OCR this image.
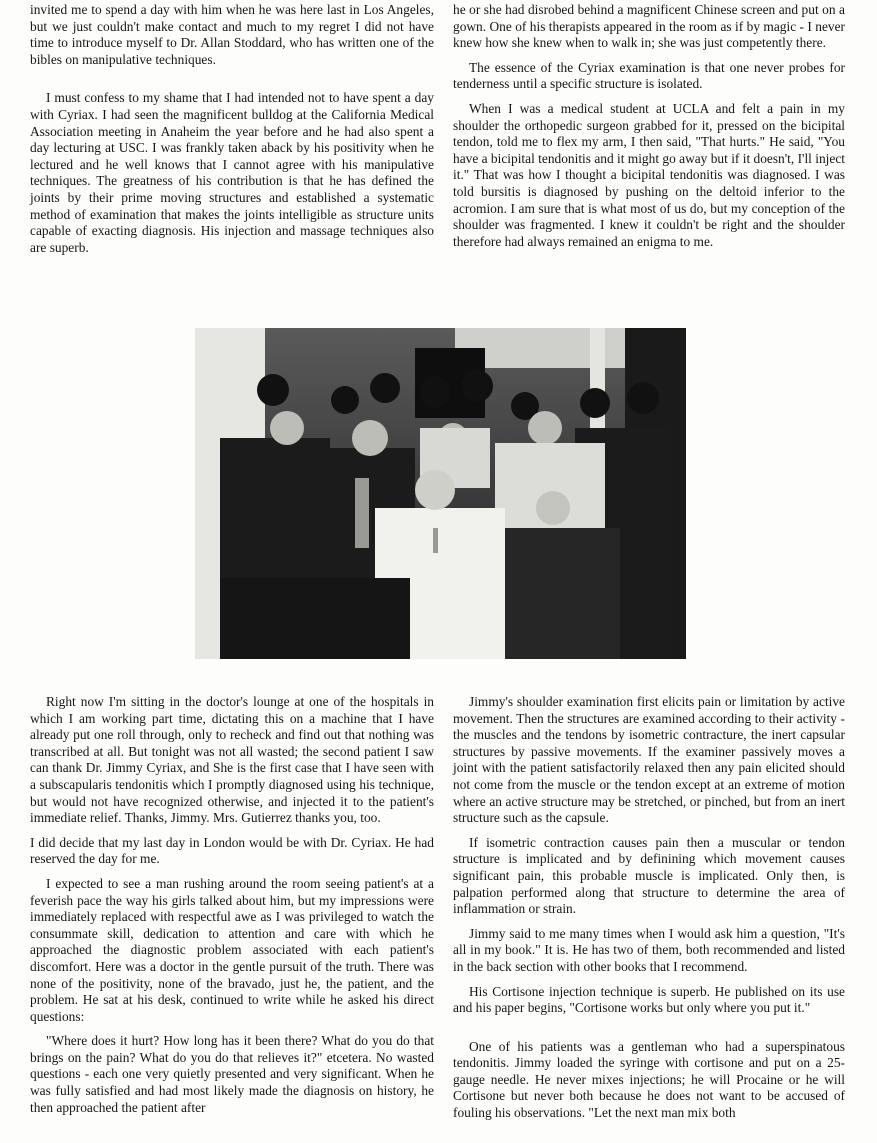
invited me to spend a day with him when he was here last in Los Angeles, but we just couldn't make contact and much to my regret I did not have time to introduce myself to Dr. Allan Stoddard, who has written one of the bibles on manipulative techniques.

I must confess to my shame that I had intended not to have spent a day with Cyriax. I had seen the magnificent bulldog at the California Medical Association meeting in Anaheim the year before and he had also spent a day lecturing at USC. I was frankly taken aback by his positivity when he lectured and he well knows that I cannot agree with his manipulative techniques. The greatness of his contribution is that he has defined the joints by their prime moving structures and established a systematic method of examination that makes the joints intelligible as structure units capable of exacting diagnosis. His injection and massage techniques also are superb.

he or she had disrobed behind a magnificent Chinese screen and put on a gown. One of his therapists appeared in the room as if by magic - I never knew how she knew when to walk in; she was just competently there.

The essence of the Cyriax examination is that one never probes for tenderness until a specific structure is isolated.

When I was a medical student at UCLA and felt a pain in my shoulder the orthopedic surgeon grabbed for it, pressed on the bicipital tendon, told me to flex my arm, I then said, "That hurts." He said, "You have a bicipital tendonitis and it might go away but if it doesn't, I'll inject it." That was how I thought a bicipital tendonitis was diagnosed. I was told bursitis is diagnosed by pushing on the deltoid inferior to the acromion. I am sure that is what most of us do, but my conception of the shoulder was fragmented. I knew it couldn't be right and the shoulder therefore had always remained an enigma to me.

Right now I'm sitting in the doctor's lounge at one of the hospitals in which I am working part time, dictating this on a machine that I have already put one roll through, only to recheck and find out that nothing was transcribed at all. But tonight was not all wasted; the second patient I saw can thank Dr. Jimmy Cyriax, and She is the first case that I have seen with a subscapularis tendonitis which I promptly diagnosed using his technique, but would not have recognized otherwise, and injected it to the patient's immediate relief. Thanks, Jimmy. Mrs. Gutierrez thanks you, too.

I did decide that my last day in London would be with Dr. Cyriax. He had reserved the day for me.

I expected to see a man rushing around the room seeing patient's at a feverish pace the way his girls talked about him, but my impressions were immediately replaced with respectful awe as I was privileged to watch the consummate skill, dedication to attention and care with which he approached the diagnostic problem associated with each patient's discomfort. Here was a doctor in the gentle pursuit of the truth. There was none of the positivity, none of the bravado, just he, the patient, and the problem. He sat at his desk, continued to write while he asked his direct questions:

"Where does it hurt? How long has it been there? What do you do that brings on the pain? What do you do that relieves it?" etcetera. No wasted questions - each one very quietly presented and very significant. When he was fully satisfied and had most likely made the diagnosis on history, he then approached the patient after

Jimmy's shoulder examination first elicits pain or limitation by active movement. Then the structures are examined according to their activity - the muscles and the tendons by isometric contracture, the inert capsular structures by passive movements. If the examiner passively moves a joint with the patient satisfactorily relaxed then any pain elicited should not come from the muscle or the tendon except at an extreme of motion where an active structure may be stretched, or pinched, but from an inert structure such as the capsule.

If isometric contraction causes pain then a muscular or tendon structure is implicated and by definining which movement causes significant pain, this probable muscle is implicated. Only then, is palpation performed along that structure to determine the area of inflammation or strain.

Jimmy said to me many times when I would ask him a question, "It's all in my book." It is. He has two of them, both recommended and listed in the back section with other books that I recommend.

His Cortisone injection technique is superb. He published on its use and his paper begins, "Cortisone works but only where you put it."

One of his patients was a gentleman who had a superspinatous tendonitis. Jimmy loaded the syringe with cortisone and put on a 25-gauge needle. He never mixes injections; he will Procaine or he will Cortisone but never both because he does not want to be accused of fouling his observations. "Let the next man mix both
